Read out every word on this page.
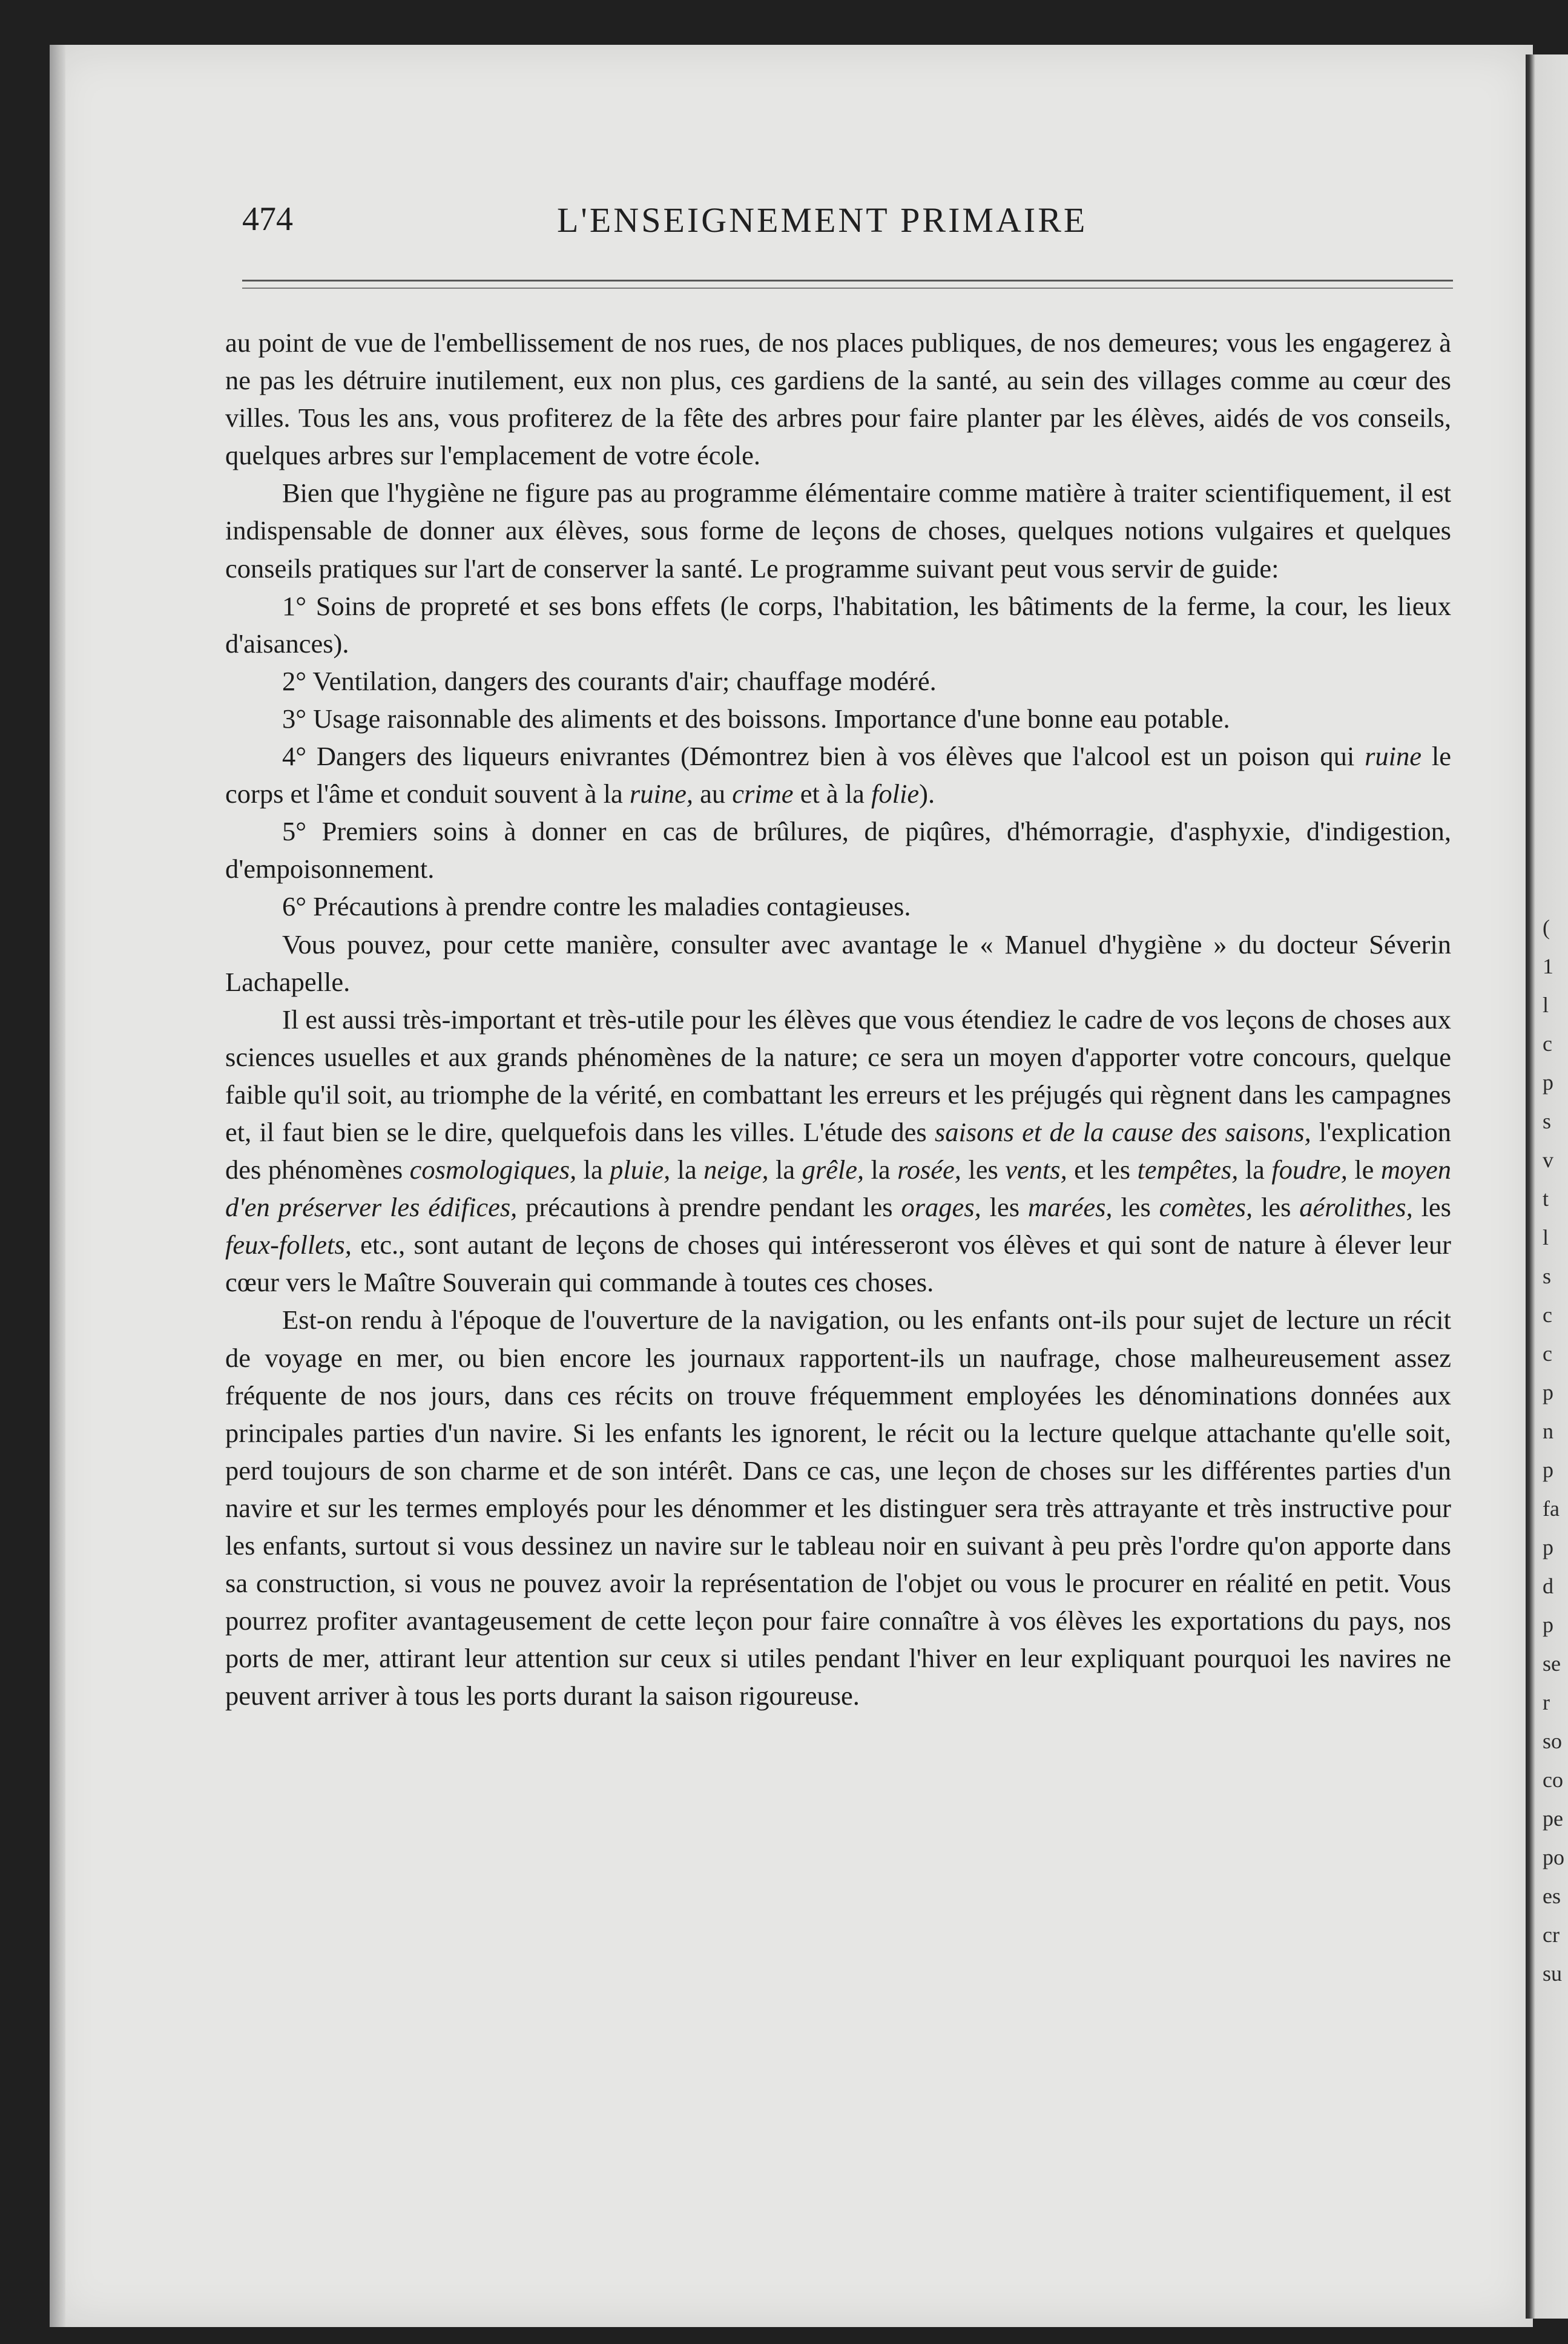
(
1
l
c
p
s
v
t
l
s
c
c
p
n
p
fa
p
d
p
se
r
so
co
pe
po
es
cr
su
474	L'ENSEIGNEMENT PRIMAIRE

au point de vue de l'embellissement de nos rues, de nos places publiques, de nos demeures; vous les engagerez à ne pas les détruire inutilement, eux non plus, ces gardiens de la santé, au sein des villages comme au cœur des villes. Tous les ans, vous profiterez de la fête des arbres pour faire planter par les élèves, aidés de vos conseils, quelques arbres sur l'emplacement de votre école.

Bien que l'hygiène ne figure pas au programme élémentaire comme matière à traiter scientifiquement, il est indispensable de donner aux élèves, sous forme de leçons de choses, quelques notions vulgaires et quelques conseils pratiques sur l'art de conserver la santé. Le programme suivant peut vous servir de guide:

1° Soins de propreté et ses bons effets (le corps, l'habitation, les bâtiments de la ferme, la cour, les lieux d'aisances).

2° Ventilation, dangers des courants d'air; chauffage modéré.

3° Usage raisonnable des aliments et des boissons. Importance d'une bonne eau potable.

4° Dangers des liqueurs enivrantes (Démontrez bien à vos élèves que l'alcool est un poison qui ruine le corps et l'âme et conduit souvent à la ruine, au crime et à la folie).

5° Premiers soins à donner en cas de brûlures, de piqûres, d'hémorragie, d'asphyxie, d'indigestion, d'empoisonnement.

6° Précautions à prendre contre les maladies contagieuses.

Vous pouvez, pour cette manière, consulter avec avantage le « Manuel d'hygiène » du docteur Séverin Lachapelle.

Il est aussi très-important et très-utile pour les élèves que vous étendiez le cadre de vos leçons de choses aux sciences usuelles et aux grands phénomènes de la nature; ce sera un moyen d'apporter votre concours, quelque faible qu'il soit, au triomphe de la vérité, en combattant les erreurs et les préjugés qui règnent dans les campagnes et, il faut bien se le dire, quelquefois dans les villes. L'étude des saisons et de la cause des saisons, l'explication des phénomènes cosmologiques, la pluie, la neige, la grêle, la rosée, les vents, et les tempêtes, la foudre, le moyen d'en préserver les édifices, précautions à prendre pendant les orages, les marées, les comètes, les aérolithes, les feux-follets, etc., sont autant de leçons de choses qui intéresseront vos élèves et qui sont de nature à élever leur cœur vers le Maître Souverain qui commande à toutes ces choses.

Est-on rendu à l'époque de l'ouverture de la navigation, ou les enfants ont-ils pour sujet de lecture un récit de voyage en mer, ou bien encore les journaux rapportent-ils un naufrage, chose malheureusement assez fréquente de nos jours, dans ces récits on trouve fréquemment employées les dénominations données aux principales parties d'un navire. Si les enfants les ignorent, le récit ou la lecture quelque attachante qu'elle soit, perd toujours de son charme et de son intérêt. Dans ce cas, une leçon de choses sur les différentes parties d'un navire et sur les termes employés pour les dénommer et les distinguer sera très attrayante et très instructive pour les enfants, surtout si vous dessinez un navire sur le tableau noir en suivant à peu près l'ordre qu'on apporte dans sa construction, si vous ne pouvez avoir la représentation de l'objet ou vous le procurer en réalité en petit. Vous pourrez profiter avantageusement de cette leçon pour faire connaître à vos élèves les exportations du pays, nos ports de mer, attirant leur attention sur ceux si utiles pendant l'hiver en leur expliquant pourquoi les navires ne peuvent arriver à tous les ports durant la saison rigoureuse.
